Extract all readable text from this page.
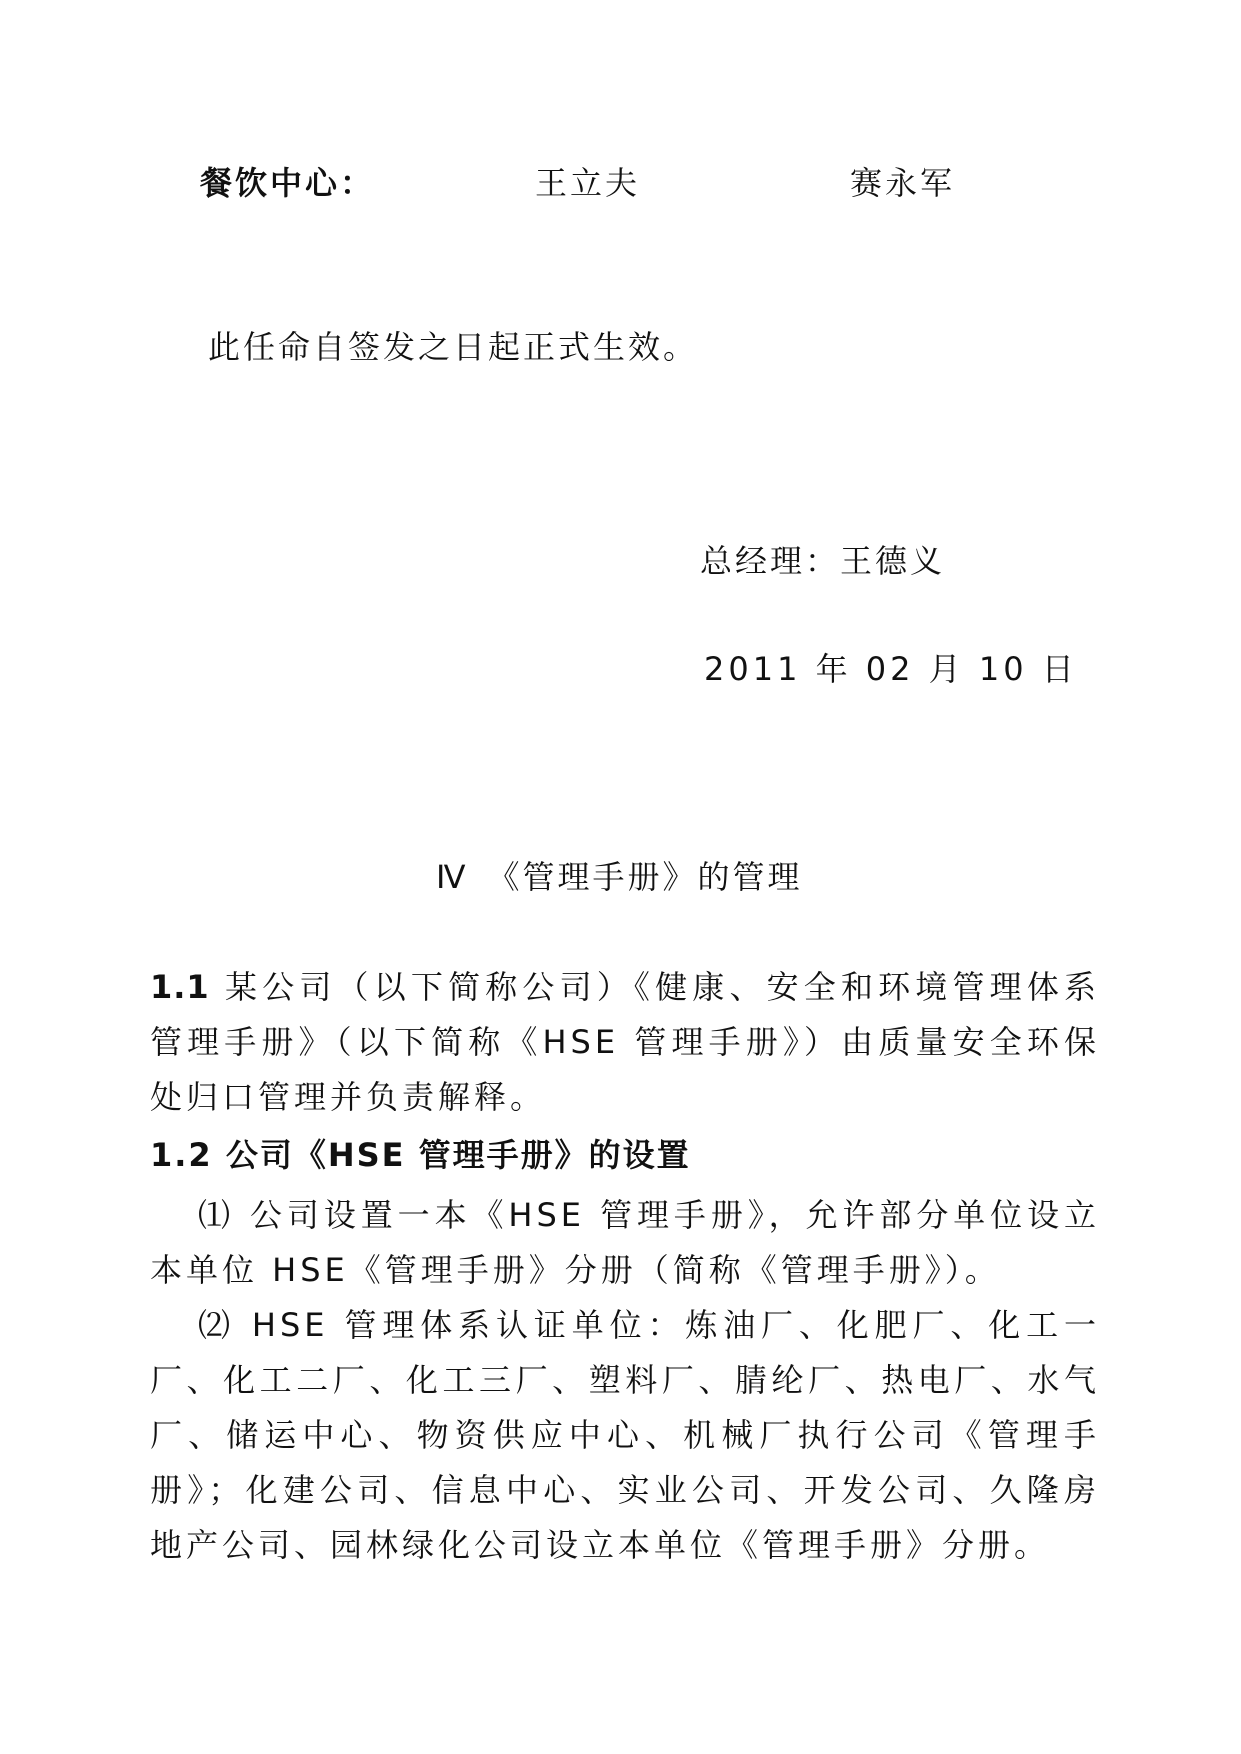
餐饮中心：	王立夫	赛永军
此任命自签发之日起正式生效。
总经理：王德义
2011 年 02 月 10 日
Ⅳ　《管理手册》的管理
1.1 某公司（以下简称公司）《健康、安全和环境管理体系管理手册》（以下简称《HSE 管理手册》）由质量安全环保处归口管理并负责解释。
1.2 公司《HSE 管理手册》的设置
⑴ 公司设置一本《HSE 管理手册》，允许部分单位设立本单位 HSE《管理手册》分册（简称《管理手册》）。
⑵ HSE 管理体系认证单位：炼油厂、化肥厂、化工一厂、化工二厂、化工三厂、塑料厂、腈纶厂、热电厂、水气厂、储运中心、物资供应中心、机械厂执行公司《管理手册》；化建公司、信息中心、实业公司、开发公司、久隆房地产公司、园林绿化公司设立本单位《管理手册》分册。
